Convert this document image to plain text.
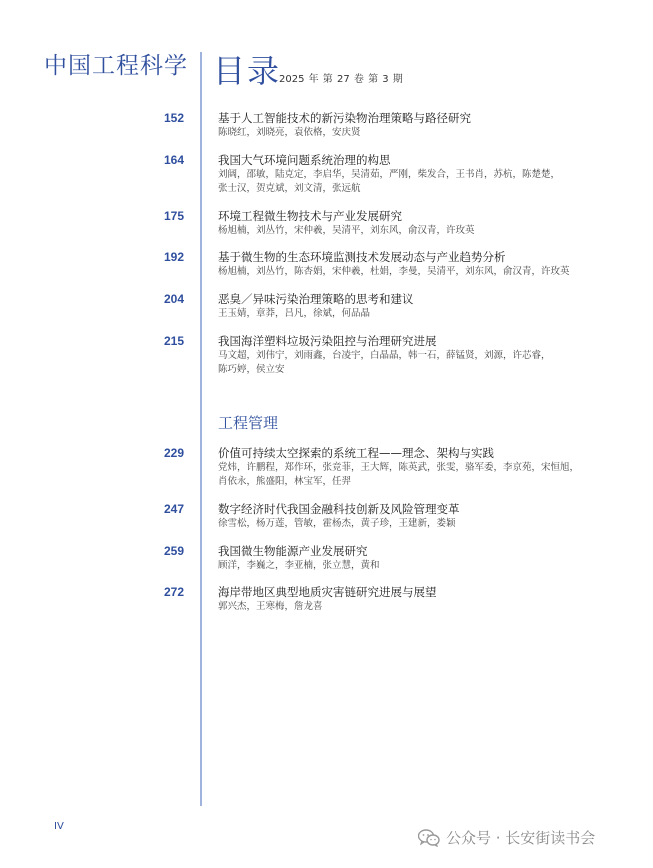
中国工程科学 目录
2025 年 第 27 卷 第 3 期
152	基于人工智能技术的新污染物治理策略与路径研究
陈晓红，刘晓亮，袁依格，安庆贤
164	我国大气环境问题系统治理的构思
刘阔，邵敏，陆克定，李启华，吴清茹，严刚，柴发合，王书肖，苏杭，陈楚楚，
张士汉，贺克斌，刘文清，张远航
175	环境工程微生物技术与产业发展研究
杨旭楠，刘丛竹，宋仲羲，吴清平，刘东风，俞汉青，许玫英
192	基于微生物的生态环境监测技术发展动态与产业趋势分析
杨旭楠，刘丛竹，陈杏娟，宋仲羲，杜娟，李曼，吴清平，刘东风，俞汉青，许玫英
204	恶臭／异味污染治理策略的思考和建议
王玉婧，章莽，吕凡，徐斌，何品晶
215	我国海洋塑料垃圾污染阻控与治理研究进展
马文超，刘伟宁，刘雨鑫，台凌宇，白晶晶，韩一石，薛锰贤，刘源，许芯睿，
陈巧婷，侯立安
工程管理
229	价值可持续太空探索的系统工程——理念、架构与实践
党炜，许鹏程，郑作环，张竞菲，王大辉，陈英武，张雯，骆军委，李京苑，宋恒旭，
肖依永，熊盛阳，林宝军，任羿
247	数字经济时代我国金融科技创新及风险管理变革
徐雪松，杨万莲，管敏，霍杨杰，黄子珍，王建新，娄颖
259	我国微生物能源产业发展研究
顾洋，李巍之，李亚楠，张立慧，黄和
272	海岸带地区典型地质灾害链研究进展与展望
郭兴杰，王寒梅，詹龙喜
IV
公众号 · 长安街读书会
